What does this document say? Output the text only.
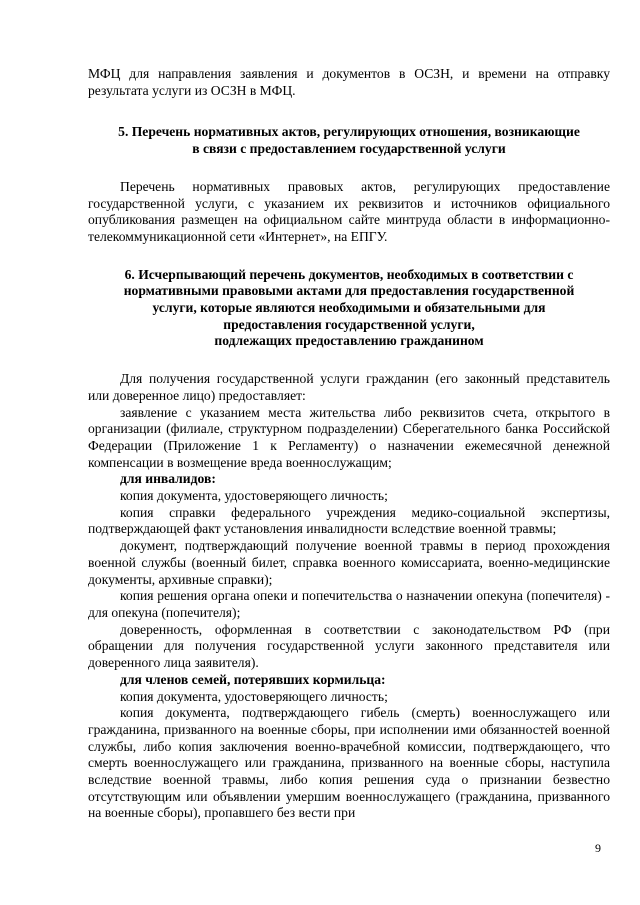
МФЦ для направления заявления и документов в ОСЗН, и времени на отправку результата услуги из ОСЗН в МФЦ.

5. Перечень нормативных актов, регулирующих отношения, возникающие
в связи с предоставлением государственной услуги

Перечень нормативных правовых актов, регулирующих предоставление государственной услуги, с указанием их реквизитов и источников официального опубликования размещен на официальном сайте минтруда области в информационно-телекоммуникационной сети «Интернет», на ЕПГУ.

6. Исчерпывающий перечень документов, необходимых в соответствии с
нормативными правовыми актами для предоставления государственной
услуги, которые являются необходимыми и обязательными для
предоставления государственной услуги,
подлежащих предоставлению гражданином

Для получения государственной услуги гражданин (его законный представитель или доверенное лицо) предоставляет:

заявление с указанием места жительства либо реквизитов счета, открытого в организации (филиале, структурном подразделении) Сберегательного банка Российской Федерации (Приложение 1 к Регламенту) о назначении ежемесячной денежной компенсации в возмещение вреда военнослужащим;

для инвалидов:

копия документа, удостоверяющего личность;

копия справки федерального учреждения медико-социальной экспертизы, подтверждающей факт установления инвалидности вследствие военной травмы;

документ, подтверждающий получение военной травмы в период прохождения военной службы (военный билет, справка военного комиссариата, военно-медицинские документы, архивные справки);

копия решения органа опеки и попечительства о назначении опекуна (попечителя) - для опекуна (попечителя);

доверенность, оформленная в соответствии с законодательством РФ (при обращении для получения государственной услуги законного представителя или доверенного лица заявителя).

для членов семей, потерявших кормильца:

копия документа, удостоверяющего личность;

копия документа, подтверждающего гибель (смерть) военнослужащего или гражданина, призванного на военные сборы, при исполнении ими обязанностей военной службы, либо копия заключения военно-врачебной комиссии, подтверждающего, что смерть военнослужащего или гражданина, призванного на военные сборы, наступила вследствие военной травмы, либо копия решения суда о признании безвестно отсутствующим или объявлении умершим военнослужащего (гражданина, призванного на военные сборы), пропавшего без вести при

9
